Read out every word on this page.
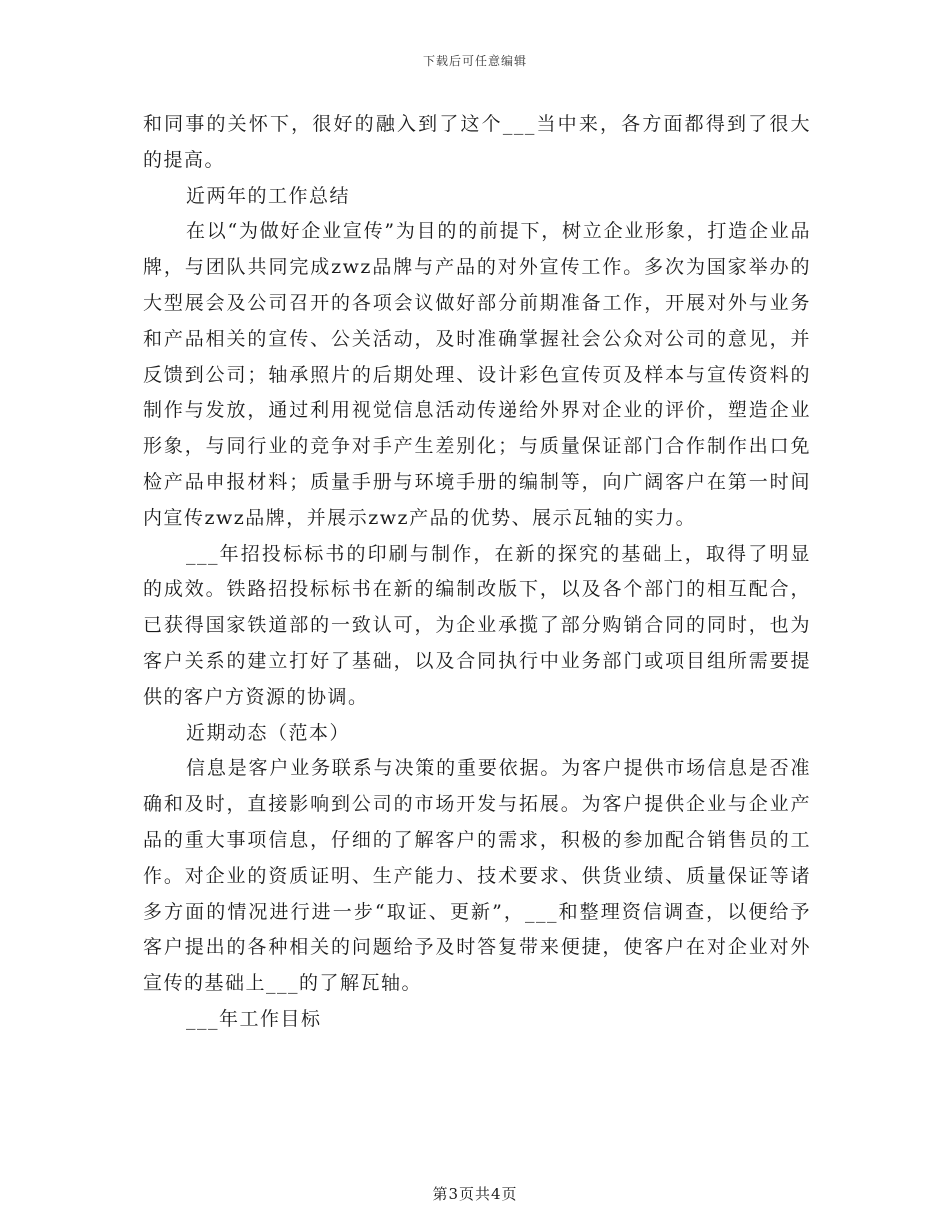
下载后可任意编辑

和同事的关怀下，很好的融入到了这个___当中来，各方面都得到了很大的提高。

近两年的工作总结

在以“为做好企业宣传”为目的的前提下，树立企业形象，打造企业品牌，与团队共同完成zwz品牌与产品的对外宣传工作。多次为国家举办的大型展会及公司召开的各项会议做好部分前期准备工作，开展对外与业务和产品相关的宣传、公关活动，及时准确掌握社会公众对公司的意见，并反馈到公司；轴承照片的后期处理、设计彩色宣传页及样本与宣传资料的制作与发放，通过利用视觉信息活动传递给外界对企业的评价，塑造企业形象，与同行业的竞争对手产生差别化；与质量保证部门合作制作出口免检产品申报材料；质量手册与环境手册的编制等，向广阔客户在第一时间内宣传zwz品牌，并展示zwz产品的优势、展示瓦轴的实力。

___年招投标标书的印刷与制作，在新的探究的基础上，取得了明显的成效。铁路招投标标书在新的编制改版下，以及各个部门的相互配合，已获得国家铁道部的一致认可，为企业承揽了部分购销合同的同时，也为客户关系的建立打好了基础，以及合同执行中业务部门或项目组所需要提供的客户方资源的协调。

近期动态（范本）

信息是客户业务联系与决策的重要依据。为客户提供市场信息是否准确和及时，直接影响到公司的市场开发与拓展。为客户提供企业与企业产品的重大事项信息，仔细的了解客户的需求，积极的参加配合销售员的工作。对企业的资质证明、生产能力、技术要求、供货业绩、质量保证等诸多方面的情况进行进一步“取证、更新”，___和整理资信调查，以便给予客户提出的各种相关的问题给予及时答复带来便捷，使客户在对企业对外宣传的基础上___的了解瓦轴。

___年工作目标

第3页共4页
